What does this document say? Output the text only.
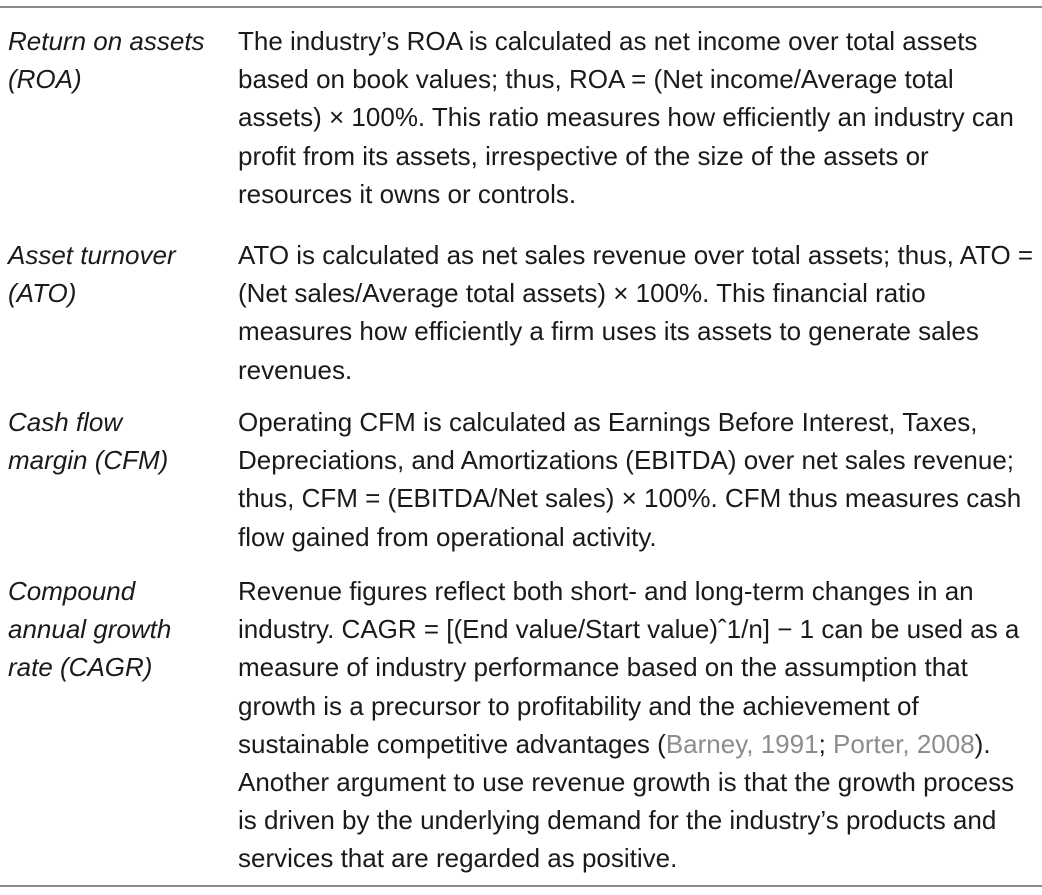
Return on assets (ROA)
The industry’s ROA is calculated as net income over total assets based on book values; thus, ROA = (Net income/Average total assets) × 100%. This ratio measures how efficiently an industry can profit from its assets, irrespective of the size of the assets or resources it owns or controls.
Asset turnover (ATO)
ATO is calculated as net sales revenue over total assets; thus, ATO = (Net sales/Average total assets) × 100%. This financial ratio measures how efficiently a firm uses its assets to generate sales revenues.
Cash flow margin (CFM)
Operating CFM is calculated as Earnings Before Interest, Taxes, Depreciations, and Amortizations (EBITDA) over net sales revenue; thus, CFM = (EBITDA/Net sales) × 100%. CFM thus measures cash flow gained from operational activity.
Compound annual growth rate (CAGR)
Revenue figures reflect both short- and long-term changes in an industry. CAGR = [(End value/Start value)ˆ1/n] − 1 can be used as a measure of industry performance based on the assumption that growth is a precursor to profitability and the achievement of sustainable competitive advantages (Barney, 1991; Porter, 2008). Another argument to use revenue growth is that the growth process is driven by the underlying demand for the industry’s products and services that are regarded as positive.
